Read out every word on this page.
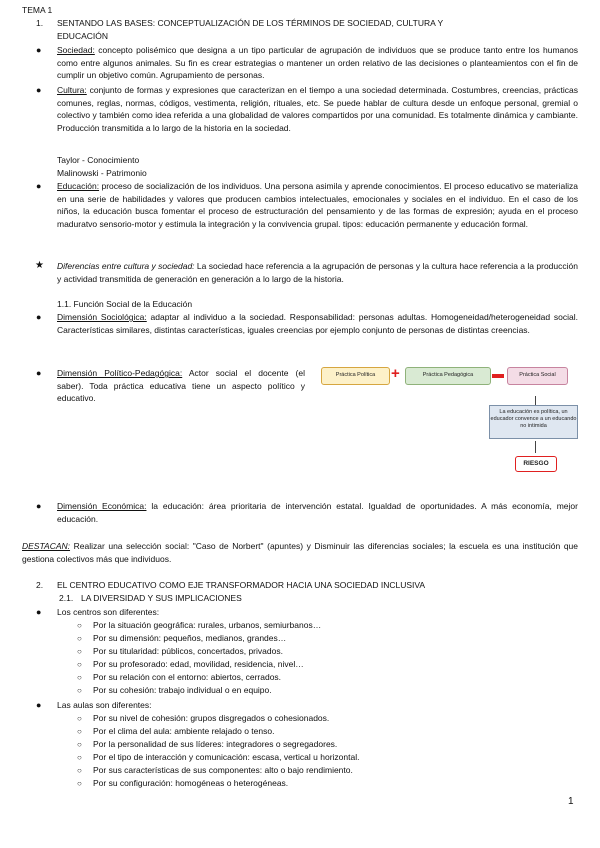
TEMA 1
1. SENTANDO LAS BASES: CONCEPTUALIZACIÓN DE LOS TÉRMINOS DE SOCIEDAD, CULTURA Y
EDUCACIÓN
● Sociedad: concepto polisémico que designa a un tipo particular de agrupación de individuos que se produce tanto entre los humanos como entre algunos animales. Su fin es crear estrategias o mantener un orden relativo de las decisiones o planteamientos con el fin de cumplir un objetivo común. Agrupamiento de personas.
● Cultura: conjunto de formas y expresiones que caracterizan en el tiempo a una sociedad determinada. Costumbres, creencias, prácticas comunes, reglas, normas, códigos, vestimenta, religión, rituales, etc. Se puede hablar de cultura desde un enfoque personal, gremial o colectivo y también como idea referida a una globalidad de valores compartidos por una comunidad. Es totalmente dinámica y cambiante. Producción transmitida a lo largo de la historia en la sociedad.
Taylor - Conocimiento
Malinowski - Patrimonio
● Educación: proceso de socialización de los individuos. Una persona asimila y aprende conocimientos. El proceso educativo se materializa en una serie de habilidades y valores que producen cambios intelectuales, emocionales y sociales en el individuo. En el caso de los niños, la educación busca fomentar el proceso de estructuración del pensamiento y de las formas de expresión; ayuda en el proceso maduratvo sensorio-motor y estimula la integración y la convivencia grupal. tipos: educación permanente y educación formal.
★ Diferencias entre cultura y sociedad: La sociedad hace referencia a la agrupación de personas y la cultura hace referencia a la producción y actividad transmitida de generación en generación a lo largo de la historia.
1.1. Función Social de la Educación
● Dimensión Sociológica: adaptar al individuo a la sociedad. Responsabilidad: personas adultas. Homogeneidad/heterogeneidad social. Características similares, distintas características, iguales creencias por ejemplo conjunto de personas de distintas creencias.
● Dimensión Político-Pedagógica: Actor social el docente (el saber). Toda práctica educativa tiene un aspecto político y educativo.
Práctica Política	+	Práctica Pedagógica	Práctica Social
La educación es política, un educador convence a un educando no intimida
RIESGO
● Dimensión Económica: la educación: área prioritaria de intervención estatal. Igualdad de oportunidades. A más economía, mejor educación.
DESTACAN: Realizar una selección social: "Caso de Norbert" (apuntes) y Disminuir las diferencias sociales; la escuela es una institución que gestiona colectivos más que individuos.
2. EL CENTRO EDUCATIVO COMO EJE TRANSFORMADOR HACIA UNA SOCIEDAD INCLUSIVA
2.1. LA DIVERSIDAD Y SUS IMPLICACIONES
● Los centros son diferentes:
○ Por la situación geográfica: rurales, urbanos, semiurbanos…
○ Por su dimensión: pequeños, medianos, grandes…
○ Por su titularidad: públicos, concertados, privados.
○ Por su profesorado: edad, movilidad, residencia, nivel…
○ Por su relación con el entorno: abiertos, cerrados.
○ Por su cohesión: trabajo individual o en equipo.
● Las aulas son diferentes:
○ Por su nivel de cohesión: grupos disgregados o cohesionados.
○ Por el clima del aula: ambiente relajado o tenso.
○ Por la personalidad de sus líderes: integradores o segregadores.
○ Por el tipo de interacción y comunicación: escasa, vertical u horizontal.
○ Por sus características de sus componentes: alto o bajo rendimiento.
○ Por su configuración: homogéneas o heterogéneas.
1
